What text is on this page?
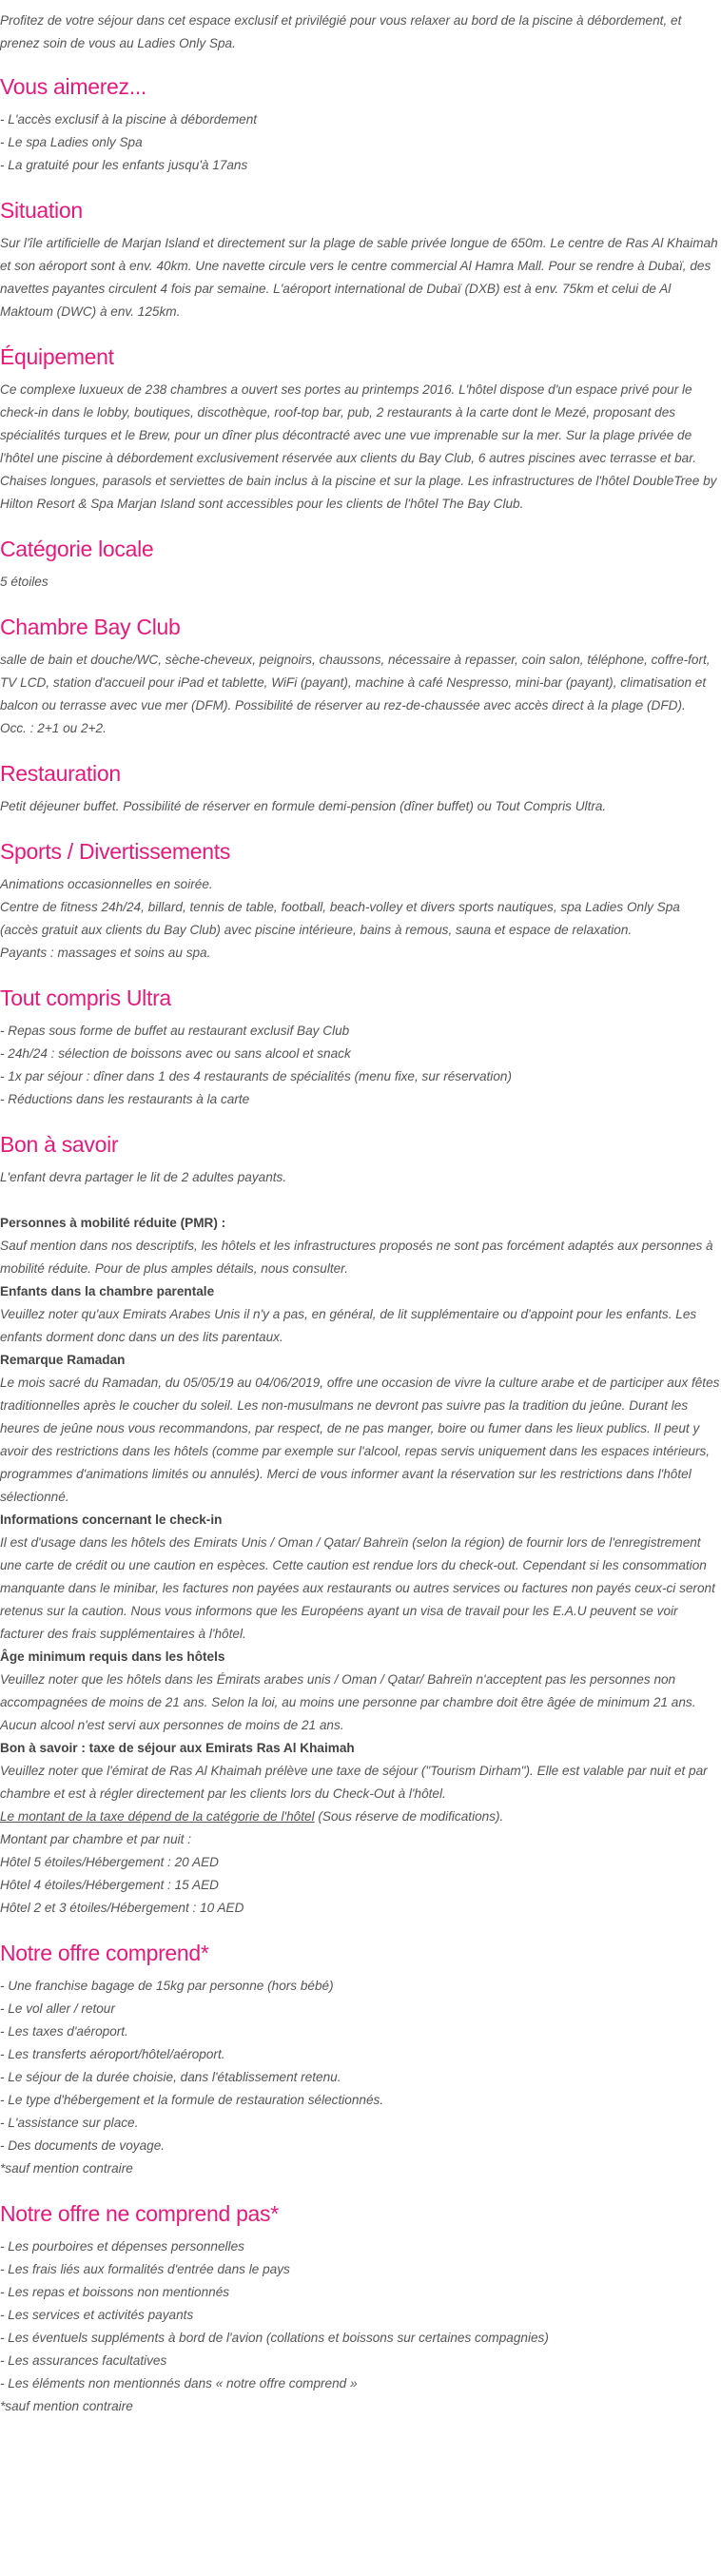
Profitez de votre séjour dans cet espace exclusif et privilégié pour vous relaxer au bord de la piscine à débordement, et prenez soin de vous au Ladies Only Spa.

Vous aimerez...
- L'accès exclusif à la piscine à débordement
- Le spa Ladies only Spa
- La gratuité pour les enfants jusqu'à 17ans
Situation

Sur l'île artificielle de Marjan Island et directement sur la plage de sable privée longue de 650m. Le centre de Ras Al Khaimah et son aéroport sont à env. 40km. Une navette circule vers le centre commercial Al Hamra Mall. Pour se rendre à Dubaï, des navettes payantes circulent 4 fois par semaine. L'aéroport international de Dubaï (DXB) est à env. 75km et celui de Al Maktoum (DWC) à env. 125km.

Équipement

Ce complexe luxueux de 238 chambres a ouvert ses portes au printemps 2016. L'hôtel dispose d'un espace privé pour le check-in dans le lobby, boutiques, discothèque, roof-top bar, pub, 2 restaurants à la carte dont le Mezé, proposant des spécialités turques et le Brew, pour un dîner plus décontracté avec une vue imprenable sur la mer. Sur la plage privée de l'hôtel une piscine à débordement exclusivement réservée aux clients du Bay Club, 6 autres piscines avec terrasse et bar. Chaises longues, parasols et serviettes de bain inclus à la piscine et sur la plage. Les infrastructures de l'hôtel DoubleTree by Hilton Resort & Spa Marjan Island sont accessibles pour les clients de l'hôtel The Bay Club.

Catégorie locale

5 étoiles

Chambre Bay Club

salle de bain et douche/WC, sèche-cheveux, peignoirs, chaussons, nécessaire à repasser, coin salon, téléphone, coffre-fort, TV LCD, station d'accueil pour iPad et tablette, WiFi (payant), machine à café Nespresso, mini-bar (payant), climatisation et balcon ou terrasse avec vue mer (DFM). Possibilité de réserver au rez-de-chaussée avec accès direct à la plage (DFD).

Occ. : 2+1 ou 2+2.

Restauration

Petit déjeuner buffet. Possibilité de réserver en formule demi-pension (dîner buffet) ou Tout Compris Ultra.

Sports / Divertissements
Animations occasionnelles en soirée.
Centre de fitness 24h/24, billard, tennis de table, football, beach-volley et divers sports nautiques, spa Ladies Only Spa (accès gratuit aux clients du Bay Club) avec piscine intérieure, bains à remous, sauna et espace de relaxation.
Payants : massages et soins au spa.
Tout compris Ultra
- Repas sous forme de buffet au restaurant exclusif Bay Club
- 24h/24 : sélection de boissons avec ou sans alcool et snack
- 1x par séjour : dîner dans 1 des 4 restaurants de spécialités (menu fixe, sur réservation)
- Réductions dans les restaurants à la carte
Bon à savoir

L'enfant devra partager le lit de 2 adultes payants.

Personnes à mobilité réduite (PMR) :

Sauf mention dans nos descriptifs, les hôtels et les infrastructures proposés ne sont pas forcément adaptés aux personnes à mobilité réduite. Pour de plus amples détails, nous consulter.

Enfants dans la chambre parentale

Veuillez noter qu'aux Emirats Arabes Unis il n'y a pas, en général, de lit supplémentaire ou d'appoint pour les enfants. Les enfants dorment donc dans un des lits parentaux.

Remarque Ramadan

Le mois sacré du Ramadan, du 05/05/19 au 04/06/2019, offre une occasion de vivre la culture arabe et de participer aux fêtes traditionnelles après le coucher du soleil. Les non-musulmans ne devront pas suivre pas la tradition du jeûne. Durant les heures de jeûne nous vous recommandons, par respect, de ne pas manger, boire ou fumer dans les lieux publics. Il peut y avoir des restrictions dans les hôtels (comme par exemple sur l'alcool, repas servis uniquement dans les espaces intérieurs, programmes d'animations limités ou annulés). Merci de vous informer avant la réservation sur les restrictions dans l'hôtel sélectionné.

Informations concernant le check-in

Il est d'usage dans les hôtels des Emirats Unis / Oman / Qatar/ Bahreïn (selon la région) de fournir lors de l'enregistrement une carte de crédit ou une caution en espèces. Cette caution est rendue lors du check-out. Cependant si les consommation manquante dans le minibar, les factures non payées aux restaurants ou autres services ou factures non payés ceux-ci seront retenus sur la caution. Nous vous informons que les Européens ayant un visa de travail pour les E.A.U peuvent se voir facturer des frais supplémentaires à l'hôtel.

Âge minimum requis dans les hôtels

Veuillez noter que les hôtels dans les Émirats arabes unis / Oman / Qatar/ Bahreïn n'acceptent pas les personnes non accompagnées de moins de 21 ans. Selon la loi, au moins une personne par chambre doit être âgée de minimum 21 ans. Aucun alcool n'est servi aux personnes de moins de 21 ans.

Bon à savoir : taxe de séjour aux Emirats Ras Al Khaimah

Veuillez noter que l'émirat de Ras Al Khaimah prélève une taxe de séjour ("Tourism Dirham"). Elle est valable par nuit et par chambre et est à régler directement par les clients lors du Check-Out à l'hôtel.

Le montant de la taxe dépend de la catégorie de l'hôtel (Sous réserve de modifications).

Montant par chambre et par nuit :
Hôtel 5 étoiles/Hébergement : 20 AED
Hôtel 4 étoiles/Hébergement : 15 AED
Hôtel 2 et 3 étoiles/Hébergement : 10 AED
Notre offre comprend*
- Une franchise bagage de 15kg par personne (hors bébé)
- Le vol aller / retour
- Les taxes d'aéroport.
- Les transferts aéroport/hôtel/aéroport.
- Le séjour de la durée choisie, dans l'établissement retenu.
- Le type d'hébergement et la formule de restauration sélectionnés.
- L'assistance sur place.
- Des documents de voyage.
*sauf mention contraire
Notre offre ne comprend pas*
- Les pourboires et dépenses personnelles
- Les frais liés aux formalités d'entrée dans le pays
- Les repas et boissons non mentionnés
- Les services et activités payants
- Les éventuels suppléments à bord de l'avion (collations et boissons sur certaines compagnies)
- Les assurances facultatives
- Les éléments non mentionnés dans « notre offre comprend »
*sauf mention contraire
